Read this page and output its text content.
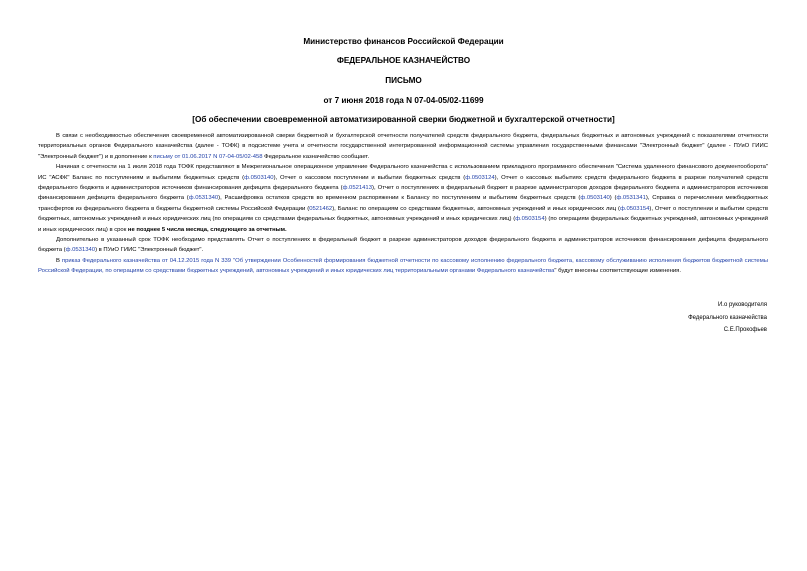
Министерство финансов Российской Федерации
ФЕДЕРАЛЬНОЕ КАЗНАЧЕЙСТВО
ПИСЬМО
от 7 июня 2018 года N 07-04-05/02-11699
[Об обеспечении своевременной автоматизированной сверки бюджетной и бухгалтерской отчетности]

В связи с необходимостью обеспечения своевременной автоматизированной сверки бюджетной и бухгалтерской отчетности получателей средств федерального бюджета, федеральных бюджетных и автономных учреждений с показателями отчетности территориальных органов Федерального казначейства (далее - ТОФК) в подсистеме учета и отчетности государственной интегрированной информационной системы управления государственными финансами "Электронный бюджет" (далее - ПУиО ГИИС "Электронный бюджет") и в дополнение к письму от 01.06.2017 N 07-04-05/02-458 Федеральное казначейство сообщает.

Начиная с отчетности на 1 июля 2018 года ТОФК представляют в Межрегиональное операционное управление Федерального казначейства с использованием прикладного программного обеспечения "Система удаленного финансового документооборота" ИС "АСФК" Баланс по поступлениям и выбытиям бюджетных средств (ф.0503140), Отчет о кассовом поступлении и выбытии бюджетных средств (ф.0503124), Отчет о кассовых выбытиях средств федерального бюджета в разрезе получателей средств федерального бюджета и администраторов источников финансирования дефицита федерального бюджета (ф.0521413), Отчет о поступлениях в федеральный бюджет в разрезе администраторов доходов федерального бюджета и администраторов источников финансирования дефицита федерального бюджета (ф.0531340), Расшифровка остатков средств во временном распоряжении к Балансу по поступлениям и выбытиям бюджетных средств (ф.0503140) (ф.0531341), Справка о перечислении межбюджетных трансфертов из федерального бюджета в бюджеты бюджетной системы Российской Федерации (0521462), Баланс по операциям со средствами бюджетных, автономных учреждений и иных юридических лиц (ф.0503154), Отчет о поступлении и выбытии средств бюджетных, автономных учреждений и иных юридических лиц (по операциям со средствами федеральных бюджетных, автономных учреждений и иных юридических лиц) (ф.0503154) (по операциям федеральных бюджетных учреждений, автономных учреждений и иных юридических лиц) в срок не позднее 5 числа месяца, следующего за отчетным.

Дополнительно в указанный срок ТОФК необходимо представлять Отчет о поступлениях в федеральный бюджет в разрезе администраторов доходов федерального бюджета и администраторов источников финансирования дефицита федерального бюджета (ф.0531340) в ПУиО ГИИС "Электронный бюджет".

В приказ Федерального казначейства от 04.12.2015 года N 339 "Об утверждении Особенностей формирования бюджетной отчетности по кассовому исполнению федерального бюджета, кассовому обслуживанию исполнения бюджетов бюджетной системы Российской Федерации, по операциям со средствами бюджетных учреждений, автономных учреждений и иных юридических лиц территориальными органами Федерального казначейства" будут внесены соответствующие изменения.

И.о руководителя
Федерального казначейства
С.Е.Прокофьев
